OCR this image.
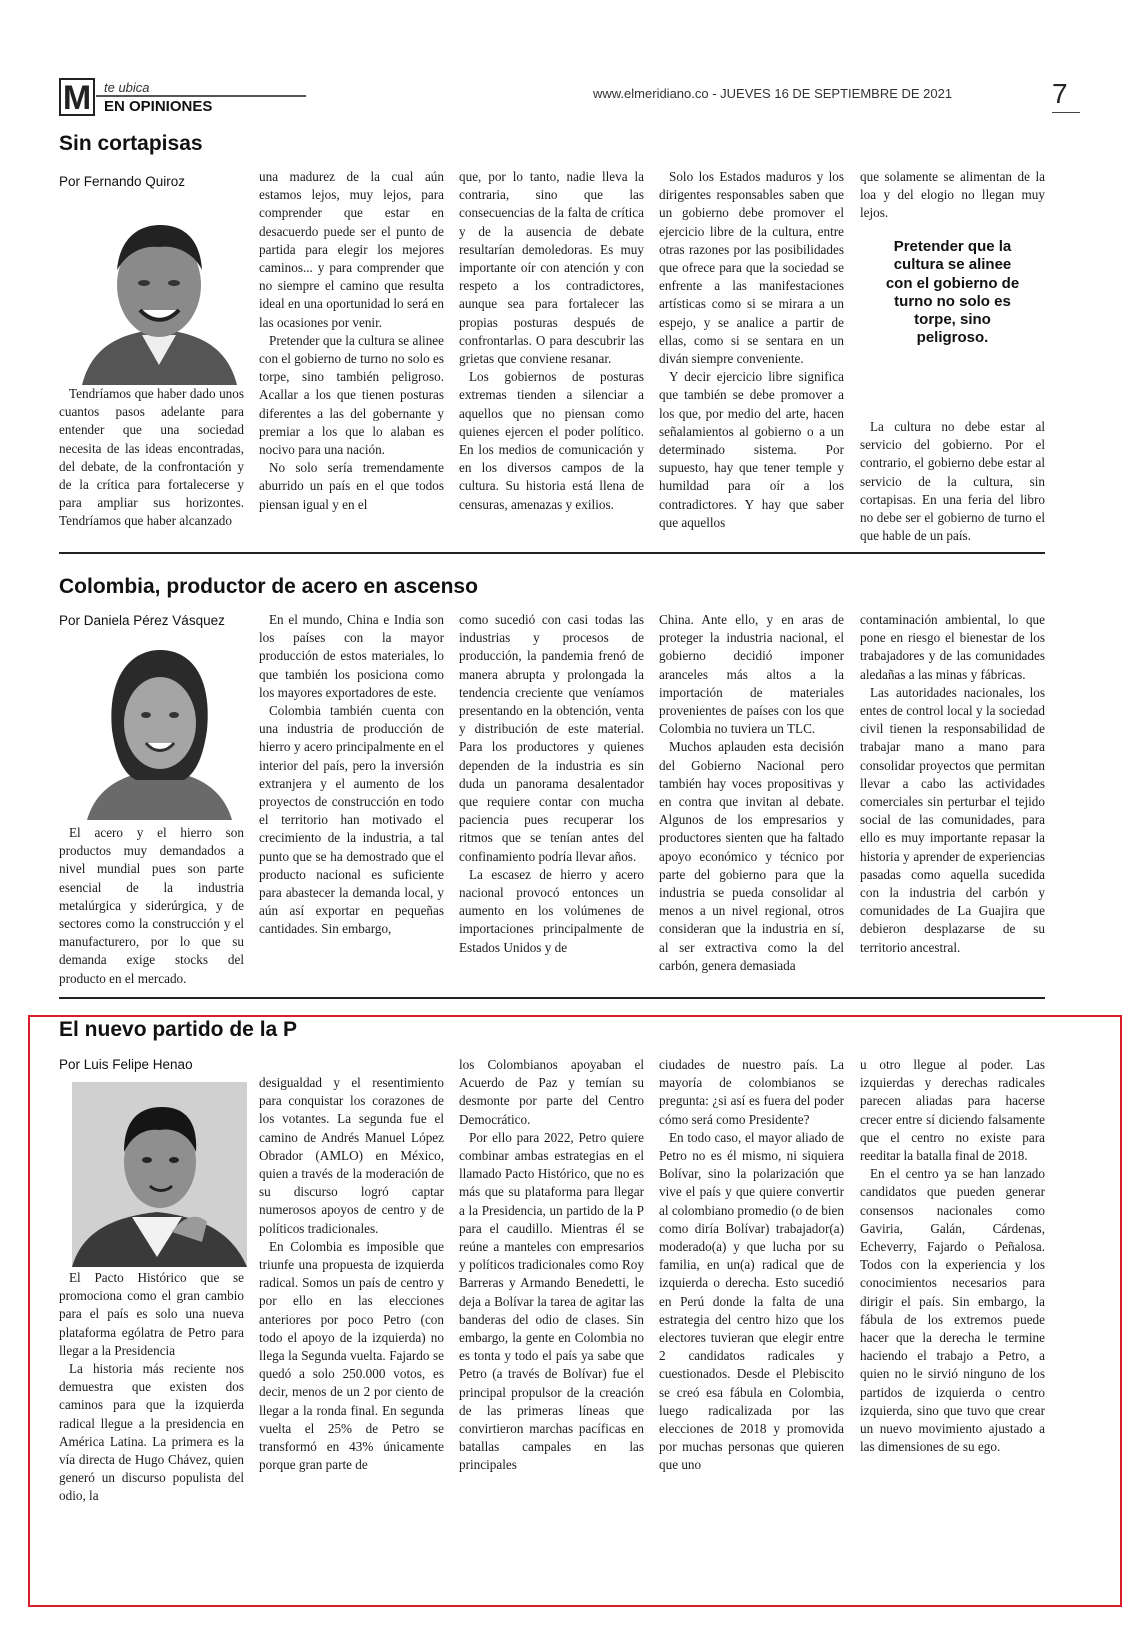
M te ubica
EN OPINIONES
www.elmeridiano.co - JUEVES 16 DE SEPTIEMBRE DE 2021	7
Sin cortapisas
Por Fernando Quiroz

Tendríamos que haber dado unos cuantos pasos adelante para entender que una sociedad necesita de las ideas encontradas, del debate, de la confrontación y de la crítica para fortalecerse y para ampliar sus horizontes. Tendríamos que haber alcanzado

una madurez de la cual aún estamos lejos, muy lejos, para comprender que estar en desacuerdo puede ser el punto de partida para elegir los mejores caminos... y para comprender que no siempre el camino que resulta ideal en una oportunidad lo será en las ocasiones por venir.

Pretender que la cultura se alinee con el gobierno de turno no solo es torpe, sino también peligroso. Acallar a los que tienen posturas diferentes a las del gobernante y premiar a los que lo alaban es nocivo para una nación.

No solo sería tremendamente aburrido un país en el que todos piensan igual y en el

que, por lo tanto, nadie lleva la contraria, sino que las consecuencias de la falta de crítica y de la ausencia de debate resultarían demoledoras. Es muy importante oír con atención y con respeto a los contradictores, aunque sea para fortalecer las propias posturas después de confrontarlas. O para descubrir las grietas que conviene resanar.

Los gobiernos de posturas extremas tienden a silenciar a aquellos que no piensan como quienes ejercen el poder político. En los medios de comunicación y en los diversos campos de la cultura. Su historia está llena de censuras, amenazas y exilios.

Solo los Estados maduros y los dirigentes responsables saben que un gobierno debe promover el ejercicio libre de la cultura, entre otras razones por las posibilidades que ofrece para que la sociedad se enfrente a las manifestaciones artísticas como si se mirara a un espejo, y se analice a partir de ellas, como si se sentara en un diván siempre conveniente.

Y decir ejercicio libre significa que también se debe promover a los que, por medio del arte, hacen señalamientos al gobierno o a un determinado sistema. Por supuesto, hay que tener temple y humildad para oír a los contradictores. Y hay que saber que aquellos

que solamente se alimentan de la loa y del elogio no llegan muy lejos.

Pretender que la cultura se alinee con el gobierno de turno no solo es torpe, sino peligroso.

La cultura no debe estar al servicio del gobierno. Por el contrario, el gobierno debe estar al servicio de la cultura, sin cortapisas. En una feria del libro no debe ser el gobierno de turno el que hable de un país.

Colombia, productor de acero en ascenso
Por Daniela Pérez Vásquez

El acero y el hierro son productos muy demandados a nivel mundial pues son parte esencial de la industria metalúrgica y siderúrgica, y de sectores como la construcción y el manufacturero, por lo que su demanda exige stocks del producto en el mercado.

En el mundo, China e India son los países con la mayor producción de estos materiales, lo que también los posiciona como los mayores exportadores de este.

Colombia también cuenta con una industria de producción de hierro y acero principalmente en el interior del país, pero la inversión extranjera y el aumento de los proyectos de construcción en todo el territorio han motivado el crecimiento de la industria, a tal punto que se ha demostrado que el producto nacional es suficiente para abastecer la demanda local, y aún así exportar en pequeñas cantidades. Sin embargo,

como sucedió con casi todas las industrias y procesos de producción, la pandemia frenó de manera abrupta y prolongada la tendencia creciente que veníamos presentando en la obtención, venta y distribución de este material. Para los productores y quienes dependen de la industria es sin duda un panorama desalentador que requiere contar con mucha paciencia pues recuperar los ritmos que se tenían antes del confinamiento podría llevar años.

La escasez de hierro y acero nacional provocó entonces un aumento en los volúmenes de importaciones principalmente de Estados Unidos y de

China. Ante ello, y en aras de proteger la industria nacional, el gobierno decidió imponer aranceles más altos a la importación de materiales provenientes de países con los que Colombia no tuviera un TLC.

Muchos aplauden esta decisión del Gobierno Nacional pero también hay voces propositivas y en contra que invitan al debate. Algunos de los empresarios y productores sienten que ha faltado apoyo económico y técnico por parte del gobierno para que la industria se pueda consolidar al menos a un nivel regional, otros consideran que la industria en sí, al ser extractiva como la del carbón, genera demasiada

contaminación ambiental, lo que pone en riesgo el bienestar de los trabajadores y de las comunidades aledañas a las minas y fábricas.

Las autoridades nacionales, los entes de control local y la sociedad civil tienen la responsabilidad de trabajar mano a mano para consolidar proyectos que permitan llevar a cabo las actividades comerciales sin perturbar el tejido social de las comunidades, para ello es muy importante repasar la historia y aprender de experiencias pasadas como aquella sucedida con la industria del carbón y comunidades de La Guajira que debieron desplazarse de su territorio ancestral.

El nuevo partido de la P
Por Luis Felipe Henao

El Pacto Histórico que se promociona como el gran cambio para el país es solo una nueva plataforma ególatra de Petro para llegar a la Presidencia

La historia más reciente nos demuestra que existen dos caminos para que la izquierda radical llegue a la presidencia en América Latina. La primera es la vía directa de Hugo Chávez, quien generó un discurso populista del odio, la

desigualdad y el resentimiento para conquistar los corazones de los votantes. La segunda fue el camino de Andrés Manuel López Obrador (AMLO) en México, quien a través de la moderación de su discurso logró captar numerosos apoyos de centro y de políticos tradicionales.

En Colombia es imposible que triunfe una propuesta de izquierda radical. Somos un país de centro y por ello en las elecciones anteriores por poco Petro (con todo el apoyo de la izquierda) no llega la Segunda vuelta. Fajardo se quedó a solo 250.000 votos, es decir, menos de un 2 por ciento de llegar a la ronda final. En segunda vuelta el 25% de Petro se transformó en 43% únicamente porque gran parte de

los Colombianos apoyaban el Acuerdo de Paz y temían su desmonte por parte del Centro Democrático.

Por ello para 2022, Petro quiere combinar ambas estrategias en el llamado Pacto Histórico, que no es más que su plataforma para llegar a la Presidencia, un partido de la P para el caudillo. Mientras él se reúne a manteles con empresarios y políticos tradicionales como Roy Barreras y Armando Benedetti, le deja a Bolívar la tarea de agitar las banderas del odio de clases. Sin embargo, la gente en Colombia no es tonta y todo el país ya sabe que Petro (a través de Bolívar) fue el principal propulsor de la creación de las primeras líneas que convirtieron marchas pacíficas en batallas campales en las principales

ciudades de nuestro país. La mayoría de colombianos se pregunta: ¿si así es fuera del poder cómo será como Presidente?

En todo caso, el mayor aliado de Petro no es él mismo, ni siquiera Bolívar, sino la polarización que vive el país y que quiere convertir al colombiano promedio (o de bien como diría Bolívar) trabajador(a) moderado(a) y que lucha por su familia, en un(a) radical que de izquierda o derecha. Esto sucedió en Perú donde la falta de una estrategia del centro hizo que los electores tuvieran que elegir entre 2 candidatos radicales y cuestionados. Desde el Plebiscito se creó esa fábula en Colombia, luego radicalizada por las elecciones de 2018 y promovida por muchas personas que quieren que uno

u otro llegue al poder. Las izquierdas y derechas radicales parecen aliadas para hacerse crecer entre sí diciendo falsamente que el centro no existe para reeditar la batalla final de 2018.

En el centro ya se han lanzado candidatos que pueden generar consensos nacionales como Gaviria, Galán, Cárdenas, Echeverry, Fajardo o Peñalosa. Todos con la experiencia y los conocimientos necesarios para dirigir el país. Sin embargo, la fábula de los extremos puede hacer que la derecha le termine haciendo el trabajo a Petro, a quien no le sirvió ninguno de los partidos de izquierda o centro izquierda, sino que tuvo que crear un nuevo movimiento ajustado a las dimensiones de su ego.
